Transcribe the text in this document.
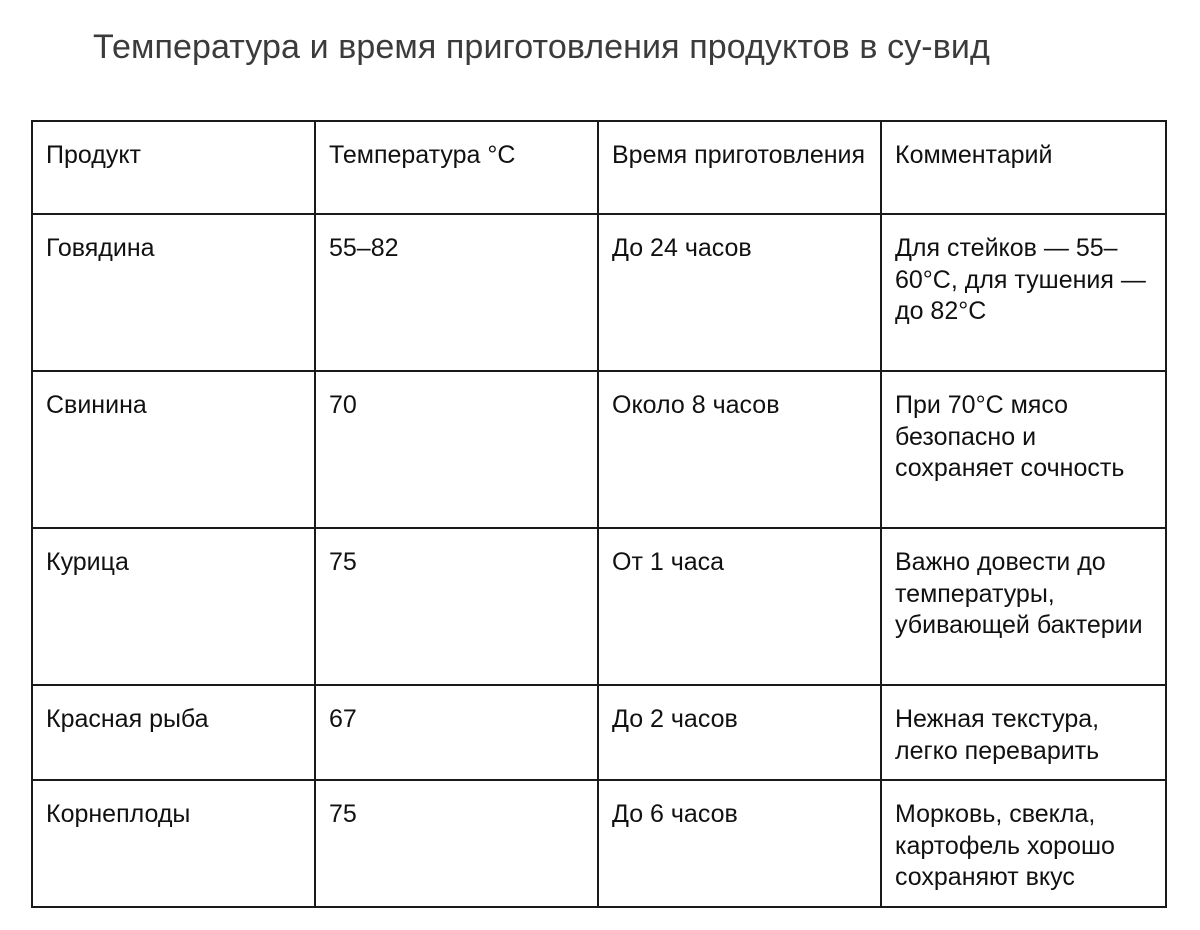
Температура и время приготовления продуктов в су-вид
Продукт	Температура °C	Время приготовления	Комментарий
Говядина	55–82	До 24 часов	Для стейков — 55–60°C, для тушения — до 82°C
Свинина	70	Около 8 часов	При 70°C мясо безопасно и сохраняет сочность
Курица	75	От 1 часа	Важно довести до температуры, убивающей бактерии
Красная рыба	67	До 2 часов	Нежная текстура, легко переварить
Корнеплоды	75	До 6 часов	Морковь, свекла, картофель хорошо сохраняют вкус
